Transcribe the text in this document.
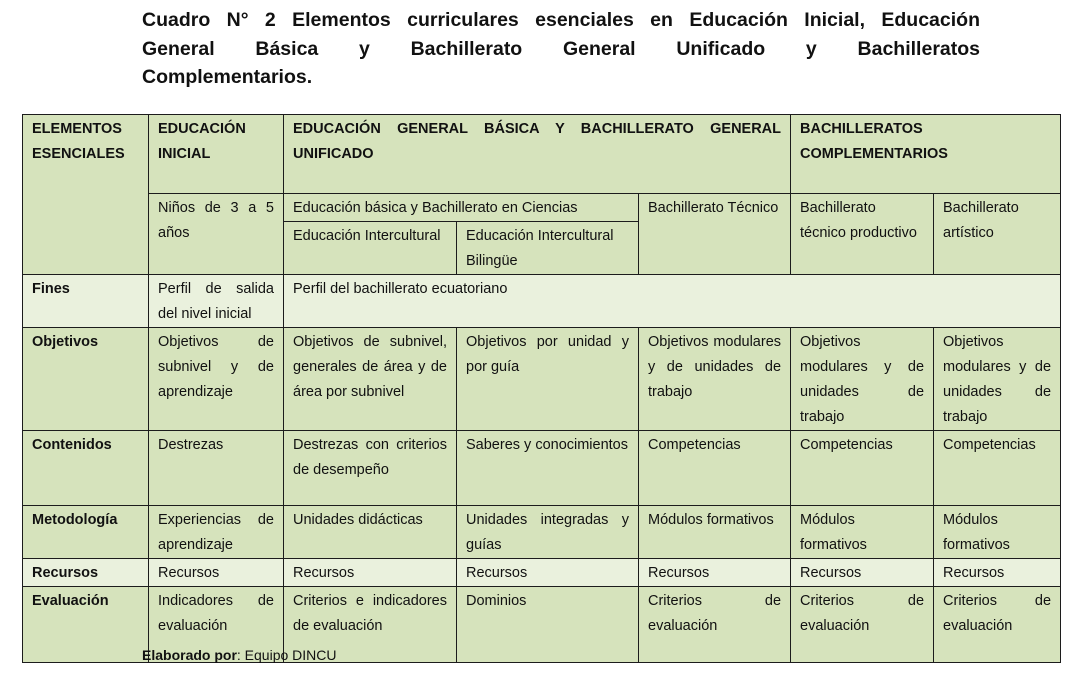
Cuadro N° 2 Elementos curriculares esenciales en Educación Inicial, Educación
General Básica y Bachillerato General Unificado y Bachilleratos
Complementarios.
ELEMENTOS ESENCIALES	EDUCACIÓN INICIAL	EDUCACIÓN GENERAL BÁSICA Y BACHILLERATO GENERAL UNIFICADO			BACHILLERATOS COMPLEMENTARIOS	
	Niños de 3 a 5 años	Educación básica y Bachillerato en Ciencias		Bachillerato Técnico	Bachillerato técnico productivo	Bachillerato artístico
		Educación Intercultural	Educación Intercultural Bilingüe			
Fines	Perfil de salida del nivel inicial	Perfil del bachillerato ecuatoriano				
Objetivos	Objetivos de subnivel y de aprendizaje	Objetivos de subnivel, generales de área y de área por subnivel	Objetivos por unidad y por guía	Objetivos modulares y de unidades de trabajo	Objetivos modulares y de unidades de trabajo	Objetivos modulares y de unidades de trabajo
Contenidos	Destrezas	Destrezas con criterios de desempeño	Saberes y conocimientos	Competencias	Competencias	Competencias
Metodología	Experiencias de aprendizaje	Unidades didácticas	Unidades integradas y guías	Módulos formativos	Módulos formativos	Módulos formativos
Recursos	Recursos	Recursos	Recursos	Recursos	Recursos	Recursos
Evaluación	Indicadores de evaluación	Criterios e indicadores de evaluación	Dominios	Criterios de evaluación	Criterios de evaluación	Criterios de evaluación
Elaborado por: Equipo DINCU
